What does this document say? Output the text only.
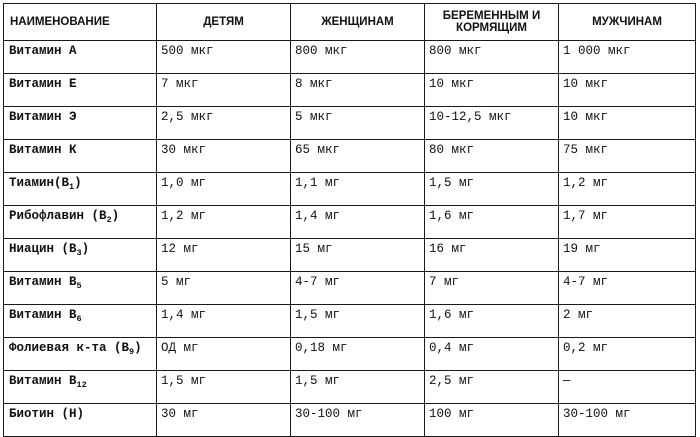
НАИМЕНОВАНИЕ	ДЕТЯМ	ЖЕНЩИНАМ	БЕРЕМЕННЫМ И КОРМЯЩИМ	МУЖЧИНАМ
Витамин А	500 мкг	800 мкг	800 мкг	1 000 мкг
Витамин Е	7 мкг	8 мкг	10 мкг	10 мкг
Витамин Э	2,5 мкг	5 мкг	10-12,5 мкг	10 мкг
Витамин К	30 мкг	65 мкг	80 мкг	75 мкг
$Тиамин(В_1)$	1,0 мг	1,1 мг	1,5 мг	1,2 мг
Рибофлавин $(В_2)$	1,2 мг	1,4 мг	1,6 мг	1,7 мг
Ниацин $(В_3)$	12 мг	15 мг	16 мг	19 мг
Витамин $В_5$	5 мг	4-7 мг	7 мг	4-7 мг
Витамин $В_6$	1,4 мг	1,5 мг	1,6 мг	2 мг
Фолиевая к-та $(В_9)$	ОД мг	0,18 мг	0,4 мг	0,2 мг
Витамин $В_{12}$	1,5 мг	1,5 мг	2,5 мг	—
Биотин (Н)	30 мг	30-100 мг	100 мг	30-100 мг
